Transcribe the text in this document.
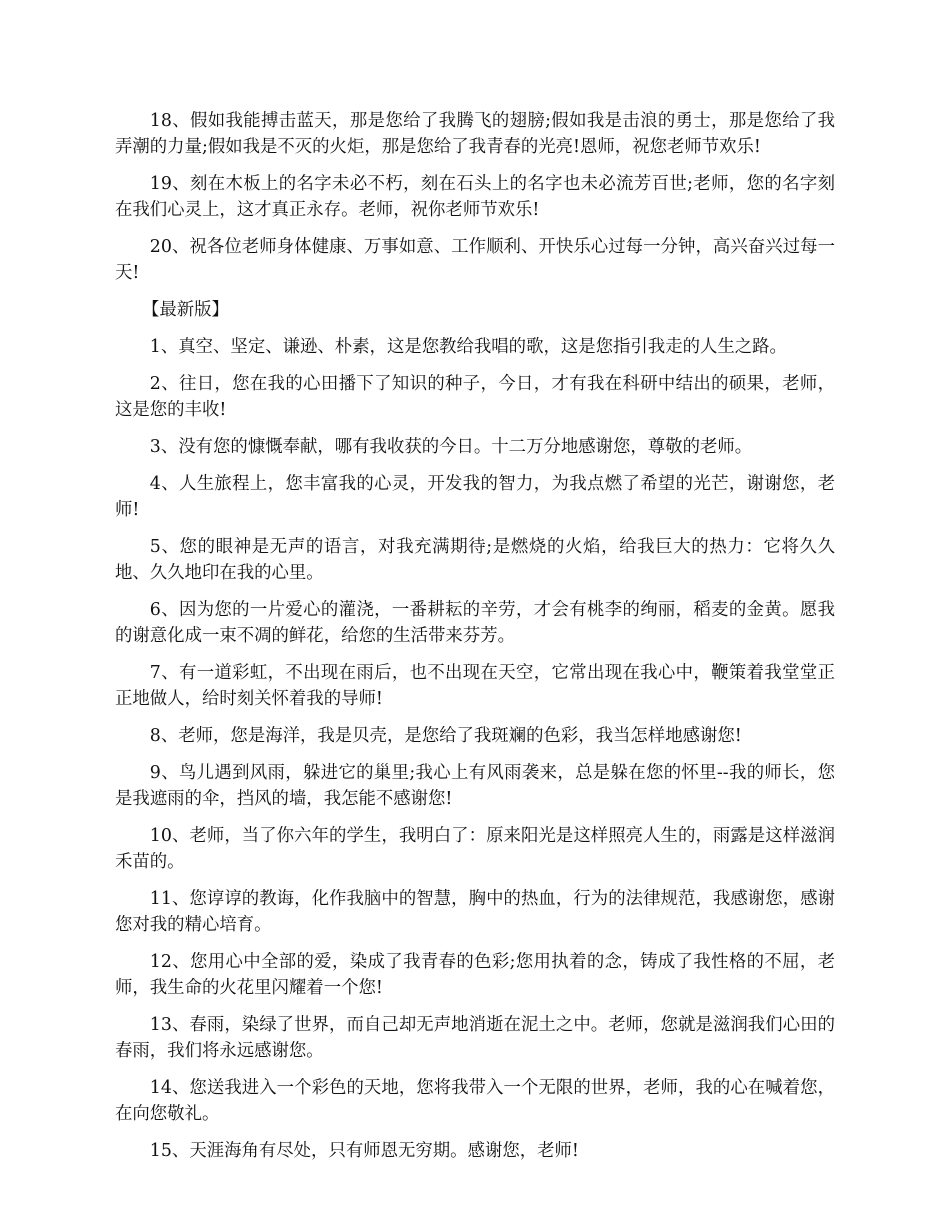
18、假如我能搏击蓝天，那是您给了我腾飞的翅膀;假如我是击浪的勇士，那是您给了我弄潮的力量;假如我是不灭的火炬，那是您给了我青春的光亮!恩师，祝您老师节欢乐!

19、刻在木板上的名字未必不朽，刻在石头上的名字也未必流芳百世;老师，您的名字刻在我们心灵上，这才真正永存。老师，祝你老师节欢乐!

20、祝各位老师身体健康、万事如意、工作顺利、开快乐心过每一分钟，高兴奋兴过每一天!

【最新版】

1、真空、坚定、谦逊、朴素，这是您教给我唱的歌，这是您指引我走的人生之路。

2、往日，您在我的心田播下了知识的种子，今日，才有我在科研中结出的硕果，老师，这是您的丰收!

3、没有您的慷慨奉献，哪有我收获的今日。十二万分地感谢您，尊敬的老师。

4、人生旅程上，您丰富我的心灵，开发我的智力，为我点燃了希望的光芒，谢谢您，老师!

5、您的眼神是无声的语言，对我充满期待;是燃烧的火焰，给我巨大的热力：它将久久地、久久地印在我的心里。

6、因为您的一片爱心的灌浇，一番耕耘的辛劳，才会有桃李的绚丽，稻麦的金黄。愿我的谢意化成一束不凋的鲜花，给您的生活带来芬芳。

7、有一道彩虹，不出现在雨后，也不出现在天空，它常出现在我心中，鞭策着我堂堂正正地做人，给时刻关怀着我的导师!

8、老师，您是海洋，我是贝壳，是您给了我斑斓的色彩，我当怎样地感谢您!

9、鸟儿遇到风雨，躲进它的巢里;我心上有风雨袭来，总是躲在您的怀里--我的师长，您是我遮雨的伞，挡风的墙，我怎能不感谢您!

10、老师，当了你六年的学生，我明白了：原来阳光是这样照亮人生的，雨露是这样滋润禾苗的。

11、您谆谆的教诲，化作我脑中的智慧，胸中的热血，行为的法律规范，我感谢您，感谢您对我的精心培育。

12、您用心中全部的爱，染成了我青春的色彩;您用执着的念，铸成了我性格的不屈，老师，我生命的火花里闪耀着一个您!

13、春雨，染绿了世界，而自己却无声地消逝在泥土之中。老师，您就是滋润我们心田的春雨，我们将永远感谢您。

14、您送我进入一个彩色的天地，您将我带入一个无限的世界，老师，我的心在喊着您，在向您敬礼。

15、天涯海角有尽处，只有师恩无穷期。感谢您，老师!
